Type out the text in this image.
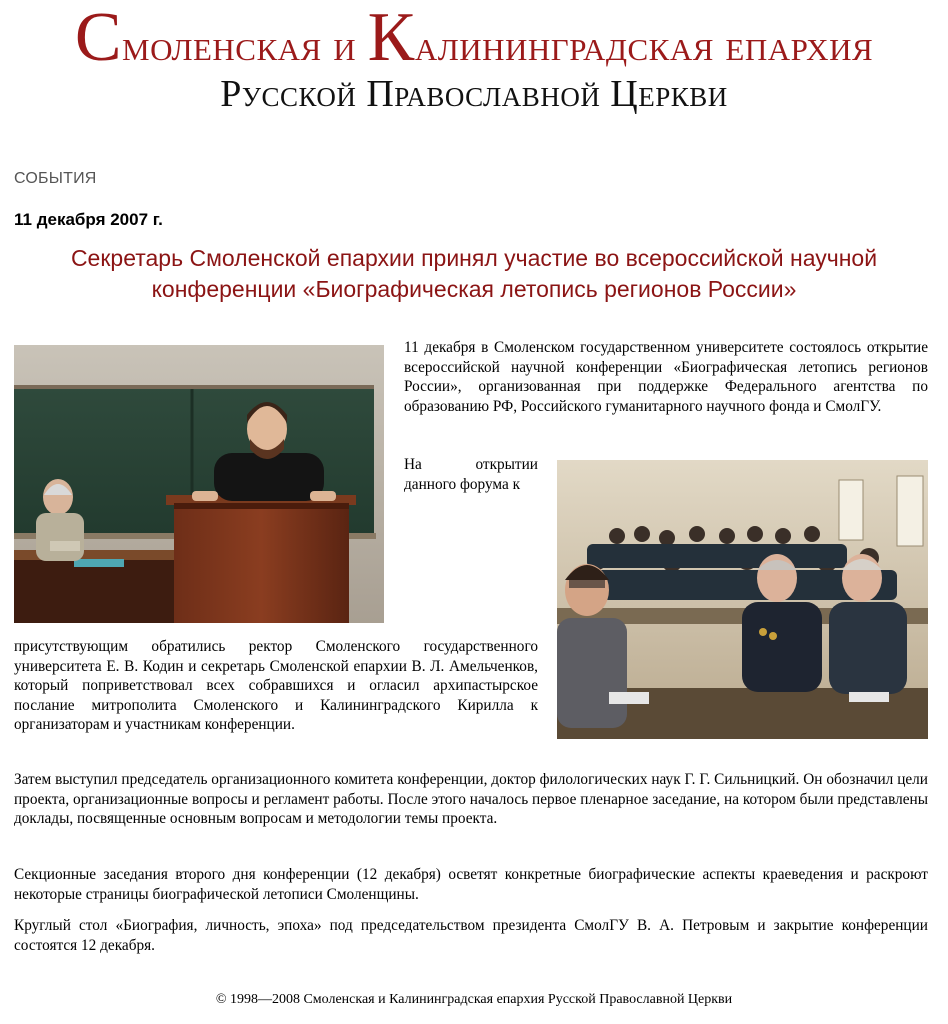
Смоленская и Калининградская епархия
Русской Православной Церкви
СОБЫТИЯ
11 декабря 2007 г.
Секретарь Смоленской епархии принял участие во всероссийской научной конференции «Биографическая летопись регионов России»

11 декабря в Смоленском государственном университете состоялось открытие всероссийской научной конференции «Биографическая летопись регионов России», организованная при поддержке Федерального агентства по образованию РФ, Российского гуманитарного научного фонда и СмолГУ.

На открытии данного форума к

присутствующим обратились ректор Смоленского государственного университета Е. В. Кодин и секретарь Смоленской епархии В. Л. Амельченков, который поприветствовал всех собравшихся и огласил архипастырское послание митрополита Смоленского и Калининградского Кирилла к организаторам и участникам конференции.

Затем выступил председатель организационного комитета конференции, доктор филологических наук Г. Г. Сильницкий. Он обозначил цели проекта, организационные вопросы и регламент работы. После этого началось первое пленарное заседание, на котором были представлены доклады, посвященные основным вопросам и методологии темы проекта.

Секционные заседания второго дня конференции (12 декабря) осветят конкретные биографические аспекты краеведения и раскроют некоторые страницы биографической летописи Смоленщины.

Круглый стол «Биография, личность, эпоха» под председательством президента СмолГУ В. А. Петровым и закрытие конференции состоятся 12 декабря.

© 1998—2008 Смоленская и Калининградская епархия Русской Православной Церкви
